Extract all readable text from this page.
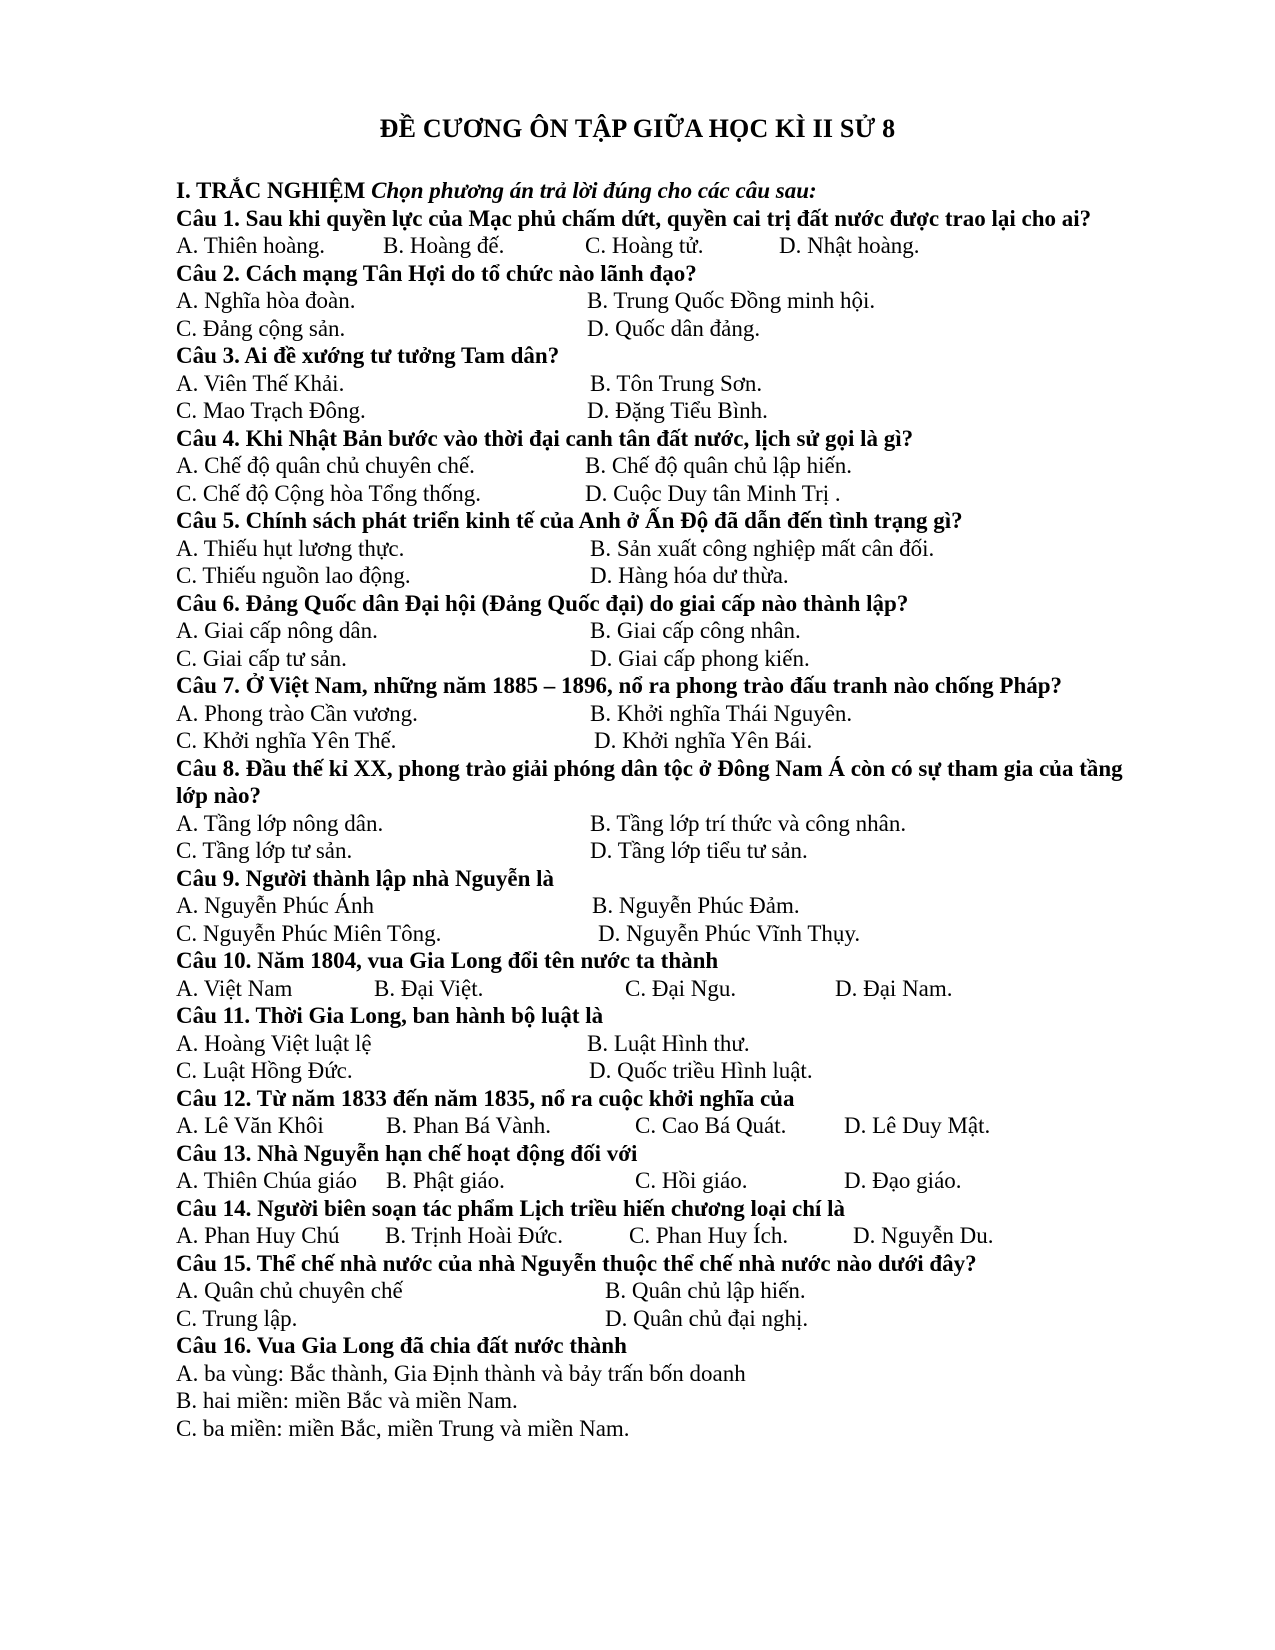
ĐỀ CƯƠNG ÔN TẬP GIỮA HỌC KÌ II SỬ 8
I. TRẮC NGHIỆM Chọn phương án trả lời đúng cho các câu sau:
Câu 1. Sau khi quyền lực của Mạc phủ chấm dứt, quyền cai trị đất nước được trao lại cho ai?
A. Thiên hoàng.	B. Hoàng đế.	C. Hoàng tử.	D. Nhật hoàng.
Câu 2. Cách mạng Tân Hợi do tổ chức nào lãnh đạo?
A. Nghĩa hòa đoàn.	B. Trung Quốc Đồng minh hội.
C. Đảng cộng sản.	D. Quốc dân đảng.
Câu 3. Ai đề xướng tư tưởng Tam dân?
A. Viên Thế Khải.	B. Tôn Trung Sơn.
C. Mao Trạch Đông.	D. Đặng Tiểu Bình.
Câu 4. Khi Nhật Bản bước vào thời đại canh tân đất nước, lịch sử gọi là gì?
A. Chế độ quân chủ chuyên chế.	B. Chế độ quân chủ lập hiến.
C. Chế độ Cộng hòa Tổng thống.	D. Cuộc Duy tân Minh Trị .
Câu 5. Chính sách phát triển kinh tế của Anh ở Ấn Độ đã dẫn đến tình trạng gì?
A. Thiếu hụt lương thực.	B. Sản xuất công nghiệp mất cân đối.
C. Thiếu nguồn lao động.	D. Hàng hóa dư thừa.
Câu 6. Đảng Quốc dân Đại hội (Đảng Quốc đại) do giai cấp nào thành lập?
A. Giai cấp nông dân.	B. Giai cấp công nhân.
C. Giai cấp tư sản.	D. Giai cấp phong kiến.
Câu 7. Ở Việt Nam, những năm 1885 – 1896, nổ ra phong trào đấu tranh nào chống Pháp?
A. Phong trào Cần vương.	B. Khởi nghĩa Thái Nguyên.
C. Khởi nghĩa Yên Thế.	D. Khởi nghĩa Yên Bái.
Câu 8. Đầu thế kỉ XX, phong trào giải phóng dân tộc ở Đông Nam Á còn có sự tham gia của tầng lớp nào?
A. Tầng lớp nông dân.	B. Tầng lớp trí thức và công nhân.
C. Tầng lớp tư sản.	D. Tầng lớp tiểu tư sản.
Câu 9. Người thành lập nhà Nguyễn là
A. Nguyễn Phúc Ánh	B. Nguyễn Phúc Đảm.
C. Nguyễn Phúc Miên Tông.	D. Nguyễn Phúc Vĩnh Thụy.
Câu 10. Năm 1804, vua Gia Long đổi tên nước ta thành
A. Việt Nam	B. Đại Việt.	C. Đại Ngu.	D. Đại Nam.
Câu 11. Thời Gia Long, ban hành bộ luật là
A. Hoàng Việt luật lệ	B. Luật Hình thư.
C. Luật Hồng Đức.	D. Quốc triều Hình luật.
Câu 12. Từ năm 1833 đến năm 1835, nổ ra cuộc khởi nghĩa của
A. Lê Văn Khôi	B. Phan Bá Vành.	C. Cao Bá Quát.	D. Lê Duy Mật.
Câu 13. Nhà Nguyễn hạn chế hoạt động đối với
A. Thiên Chúa giáo B. Phật giáo.	C. Hồi giáo.	D. Đạo giáo.
Câu 14. Người biên soạn tác phẩm Lịch triều hiến chương loại chí là
A. Phan Huy Chú B. Trịnh Hoài Đức.	C. Phan Huy Ích.	D. Nguyễn Du.
Câu 15. Thể chế nhà nước của nhà Nguyễn thuộc thể chế nhà nước nào dưới đây?
A. Quân chủ chuyên chế	B. Quân chủ lập hiến.
C. Trung lập.	D. Quân chủ đại nghị.
Câu 16. Vua Gia Long đã chia đất nước thành
A. ba vùng: Bắc thành, Gia Định thành và bảy trấn bốn doanh
B. hai miền: miền Bắc và miền Nam.
C. ba miền: miền Bắc, miền Trung và miền Nam.
